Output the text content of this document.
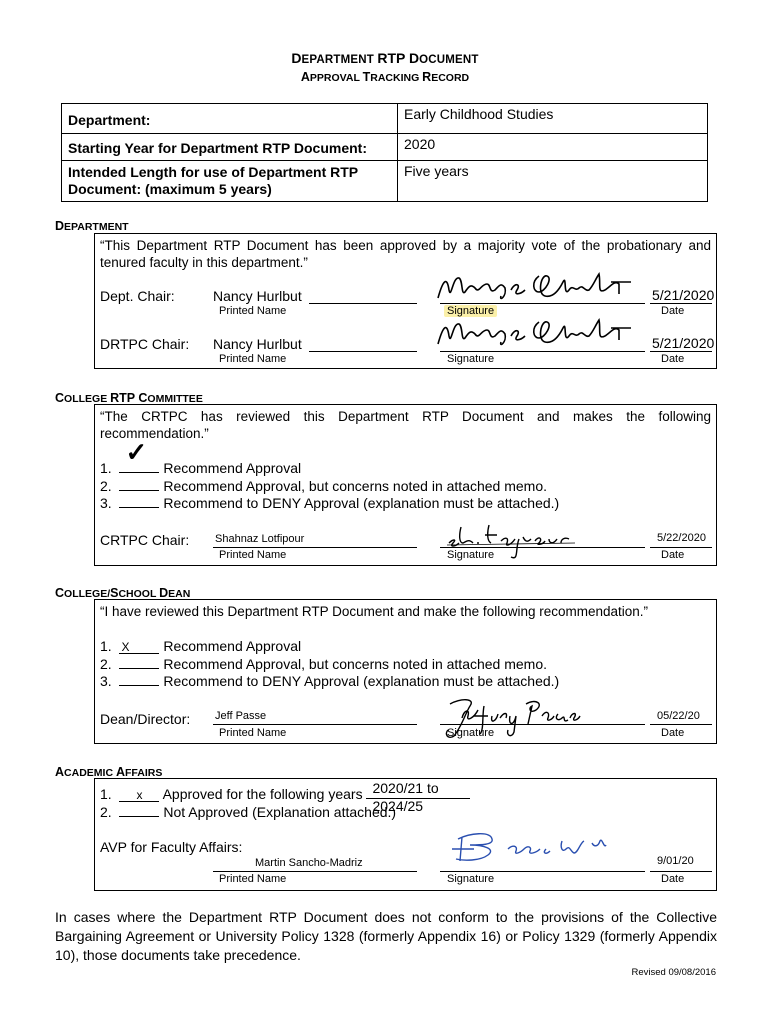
DEPARTMENT RTP DOCUMENT
APPROVAL TRACKING RECORD
Department:	Early Childhood Studies
Starting Year for Department RTP Document:	2020
Intended Length for use of Department RTP
Document: (maximum 5 years)	Five years
DEPARTMENT
“This Department RTP Document has been approved by a majority vote of the probationary and tenured faculty in this department.”
Dept. Chair:	Nancy Hurlbut
Printed Name	Signature
5/21/2020
Date
DRTPC Chair: Nancy Hurlbut
Printed Name	Signature
5/21/2020
Date
COLLEGE RTP COMMITTEE
“The CRTPC has reviewed this Department RTP Document and makes the following recommendation.”
1.
✓
Recommend Approval
2.	Recommend Approval, but concerns noted in attached memo.
3.	Recommend to DENY Approval (explanation must be attached.)
CRTPC Chair: Shahnaz Lotfipour
Printed Name	Signature
5/22/2020
Date
COLLEGE/SCHOOL DEAN
“I have reviewed this Department RTP Document and make the following recommendation.”
1. X Recommend Approval
2.	Recommend Approval, but concerns noted in attached memo.
3.	Recommend to DENY Approval (explanation must be attached.)
Dean/Director: Jeff Passe
Printed Name	Signature
05/22/20
Date
ACADEMIC AFFAIRS
1. x Approved for the following years 2020/21 to 2024/25
2.	Not Approved (Explanation attached.)
AVP for Faculty Affairs:
Martin Sancho-Madriz
Printed Name	Signature
9/01/20
Date
In cases where the Department RTP Document does not conform to the provisions of the Collective Bargaining Agreement or University Policy 1328 (formerly Appendix 16) or Policy 1329 (formerly Appendix 10), those documents take precedence.
Revised 09/08/2016
